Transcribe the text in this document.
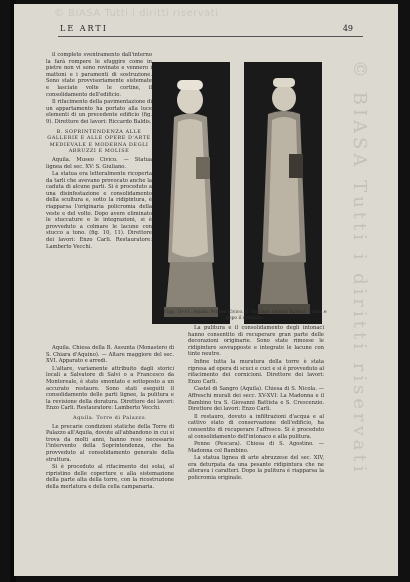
© BIASA Tutti i diritti riservati
LE ARTI	49

il completo sventramento dall'interno la farà rompere le sfuggire come in pietre non vi sono rovinate e vennero i mattoni e i paramenti di sostruzione. Sono state provvisoriamente sistemate e lasciate volte le cortine, il consolidamento dell'edificio.

Il rifacimento della pavimentazione di un appartamento ha portato alla luce elementi di un precedente edificio (fig. 9). Direttore dei lavori: Riccardo Baldis.

B. SOPRINTENDENZA ALLE GALLERIE E ALLE OPERE D'ARTE MEDIEVALE E MODERNA DEGLI ABRUZZI E MOLISE

Aquila. Museo Civico. — Statua lignea del sec. XV: S. Giuliano.

La statua era letteralmente ricoperta da tarli che avevano provocato anche la caduta di alcune parti. Si è proceduto a una disinfestazione e consolidamento della scultura e, sotto la ridipintura, è riapparsa l'originaria policromia della veste e del volto. Dopo avere eliminato le stuccature e le integrazioni, si è provveduto a colmare le lacune con stucco a tono. (fig. 10, 11). Direttore dei lavori: Enzo Carli. Restauratore: Lamberto Vecchi.

Figg. 10-11. Aquila, Museo Civico. S. Giuliano (statua lignea). Prima e dopo il restauro.

Aquila. Chiesa della B. Assunta (Monastero di S. Chiara d'Aquino). — Altare maggiore del sec. XVI. Apparato e arredi.

L'altare, variamente attribuito dagli storici locali a Salvatore di Salvi o a Francesco da Montereale, è stato smontato e sottoposto a un accurato restauro. Sono stati eseguiti il consolidamento delle parti lignee, la pulitura e la revisione della doratura. Direttore dei lavori: Enzo Carli. Restauratore: Lamberto Vecchi.

Aquila. Torre di Palazzo.

Le precarie condizioni statiche della Torre di Palazzo all'Aquila, dovute all'abbandono in cui si trova da molti anni, hanno reso necessario l'intervento della Soprintendenza, che ha provveduto al consolidamento generale della struttura.

Si è proceduto al rifacimento dei solai, al ripristino delle coperture e alla sistemazione della parte alta della torre, con la ricostruzione della merlatura e della cella campanaria.

La pulitura e il consolidamento degli intonaci hanno consentito di recuperare gran parte delle decorazioni originarie. Sono state rimosse le ridipinture sovrapposte e integrate le lacune con tinte neutre.

Infine tutta la muratura della torre è stata ripresa ad opera di scuci e cuci e si è provveduto al rifacimento dei cornicioni. Direttore dei lavori: Enzo Carli.

Castel di Sangro (Aquila). Chiesa di S. Nicola. — Affreschi murali dei secc. XV-XVI: La Madonna e il Bambino tra S. Giovanni Battista e S. Crescenzio. Direttore dei lavori: Enzo Carli.

Il restauro, dovuto a infiltrazioni d'acqua e al cattivo stato di conservazione dell'edificio, ha consentito di recuperare l'affresco. Si è proceduto al consolidamento dell'intonaco e alla pulitura.

Penne (Pescara). Chiesa di S. Agostino. — Madonna col Bambino.

La statua lignea di arte abruzzese del sec. XIV, era deturpata da una pesante ridipintura che ne alterava i caratteri. Dopo la pulitura è riapparsa la policromia originale.

© BIASA Tutti i diritti riservati
